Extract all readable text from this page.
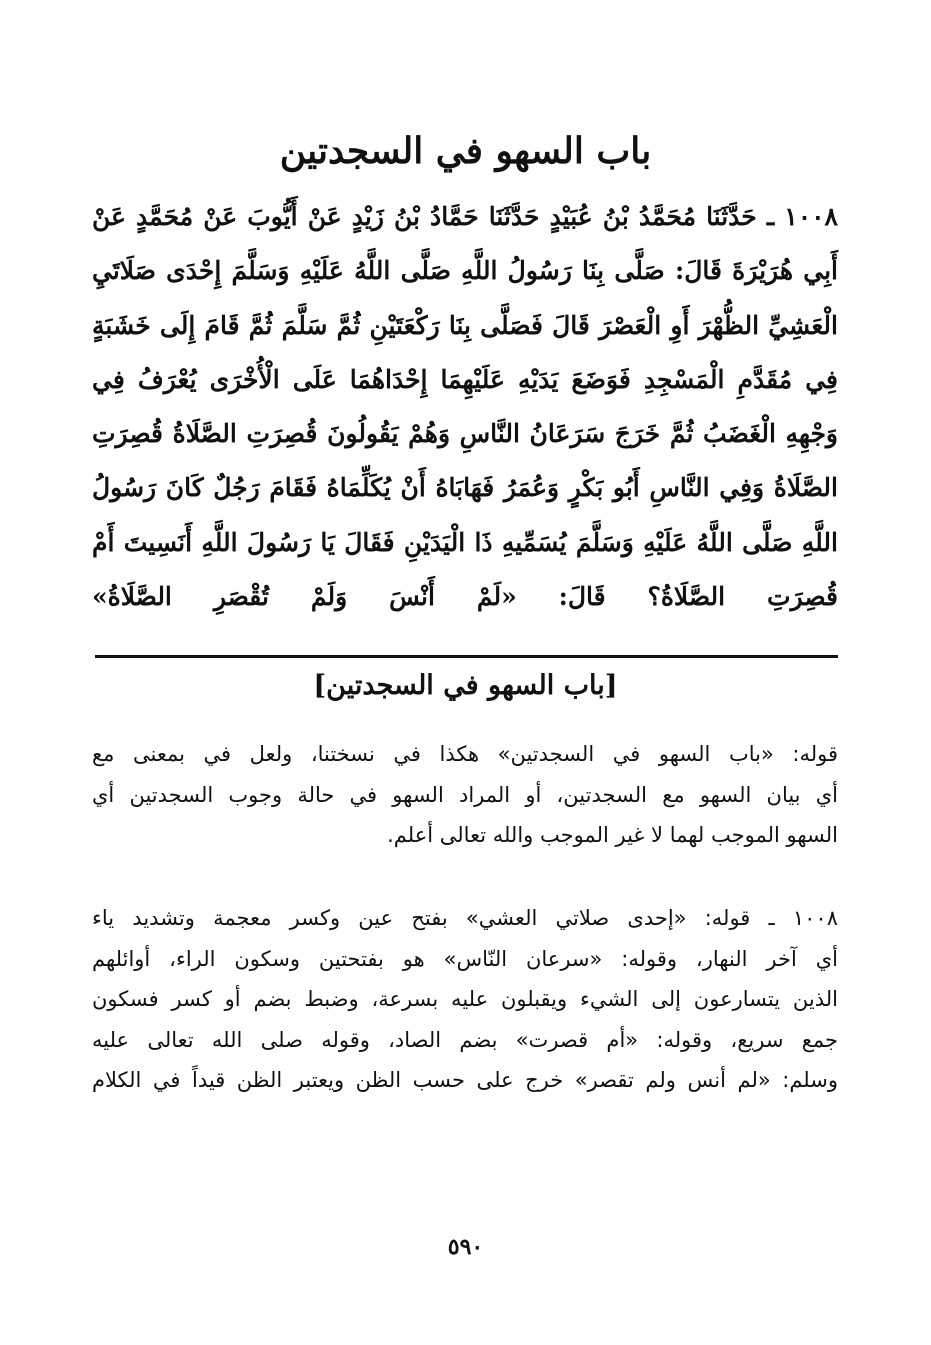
باب السهو في السجدتين

١٠٠٨ ـ حَدَّثَنَا مُحَمَّدُ بْنُ عُبَيْدٍ حَدَّثَنَا حَمَّادُ بْنُ زَيْدٍ عَنْ أَيُّوبَ عَنْ مُحَمَّدٍ عَنْ أَبِي هُرَيْرَةَ قَالَ: صَلَّى بِنَا رَسُولُ اللَّهِ صَلَّى اللَّهُ عَلَيْهِ وَسَلَّمَ إِحْدَى صَلَاتَيِ الْعَشِيِّ الظُّهْرَ أَوِ الْعَصْرَ قَالَ فَصَلَّى بِنَا رَكْعَتَيْنِ ثُمَّ سَلَّمَ ثُمَّ قَامَ إِلَى خَشَبَةٍ فِي مُقَدَّمِ الْمَسْجِدِ فَوَضَعَ يَدَيْهِ عَلَيْهِمَا إِحْدَاهُمَا عَلَى الْأُخْرَى يُعْرَفُ فِي وَجْهِهِ الْغَضَبُ ثُمَّ خَرَجَ سَرَعَانُ النَّاسِ وَهُمْ يَقُولُونَ قُصِرَتِ الصَّلَاةُ قُصِرَتِ الصَّلَاةُ وَفِي النَّاسِ أَبُو بَكْرٍ وَعُمَرُ فَهَابَاهُ أَنْ يُكَلِّمَاهُ فَقَامَ رَجُلٌ كَانَ رَسُولُ اللَّهِ صَلَّى اللَّهُ عَلَيْهِ وَسَلَّمَ يُسَمِّيهِ ذَا الْيَدَيْنِ فَقَالَ يَا رَسُولَ اللَّهِ أَنَسِيتَ أَمْ قُصِرَتِ الصَّلَاةُ؟ قَالَ: «لَمْ أَنْسَ وَلَمْ تُقْصَرِ الصَّلَاةُ»

[باب السهو في السجدتين]
قوله: «باب السهو في السجدتين» هكذا في نسختنا، ولعل في بمعنى مع
أي بيان السهو مع السجدتين، أو المراد السهو في حالة وجوب السجدتين أي
السهو الموجب لهما لا غير الموجب والله تعالى أعلم.
١٠٠٨ ـ قوله: «إحدى صلاتي العشي» بفتح عين وكسر معجمة وتشديد ياء
أي آخر النهار، وقوله: «سرعان النّاس» هو بفتحتين وسكون الراء، أوائلهم
الذين يتسارعون إلى الشيء ويقبلون عليه بسرعة، وضبط بضم أو كسر فسكون
جمع سريع، وقوله: «أم قصرت» بضم الصاد، وقوله صلى الله تعالى عليه
وسلم: «لم أنس ولم تقصر» خرج على حسب الظن ويعتبر الظن قيداً في الكلام
٥٩٠
